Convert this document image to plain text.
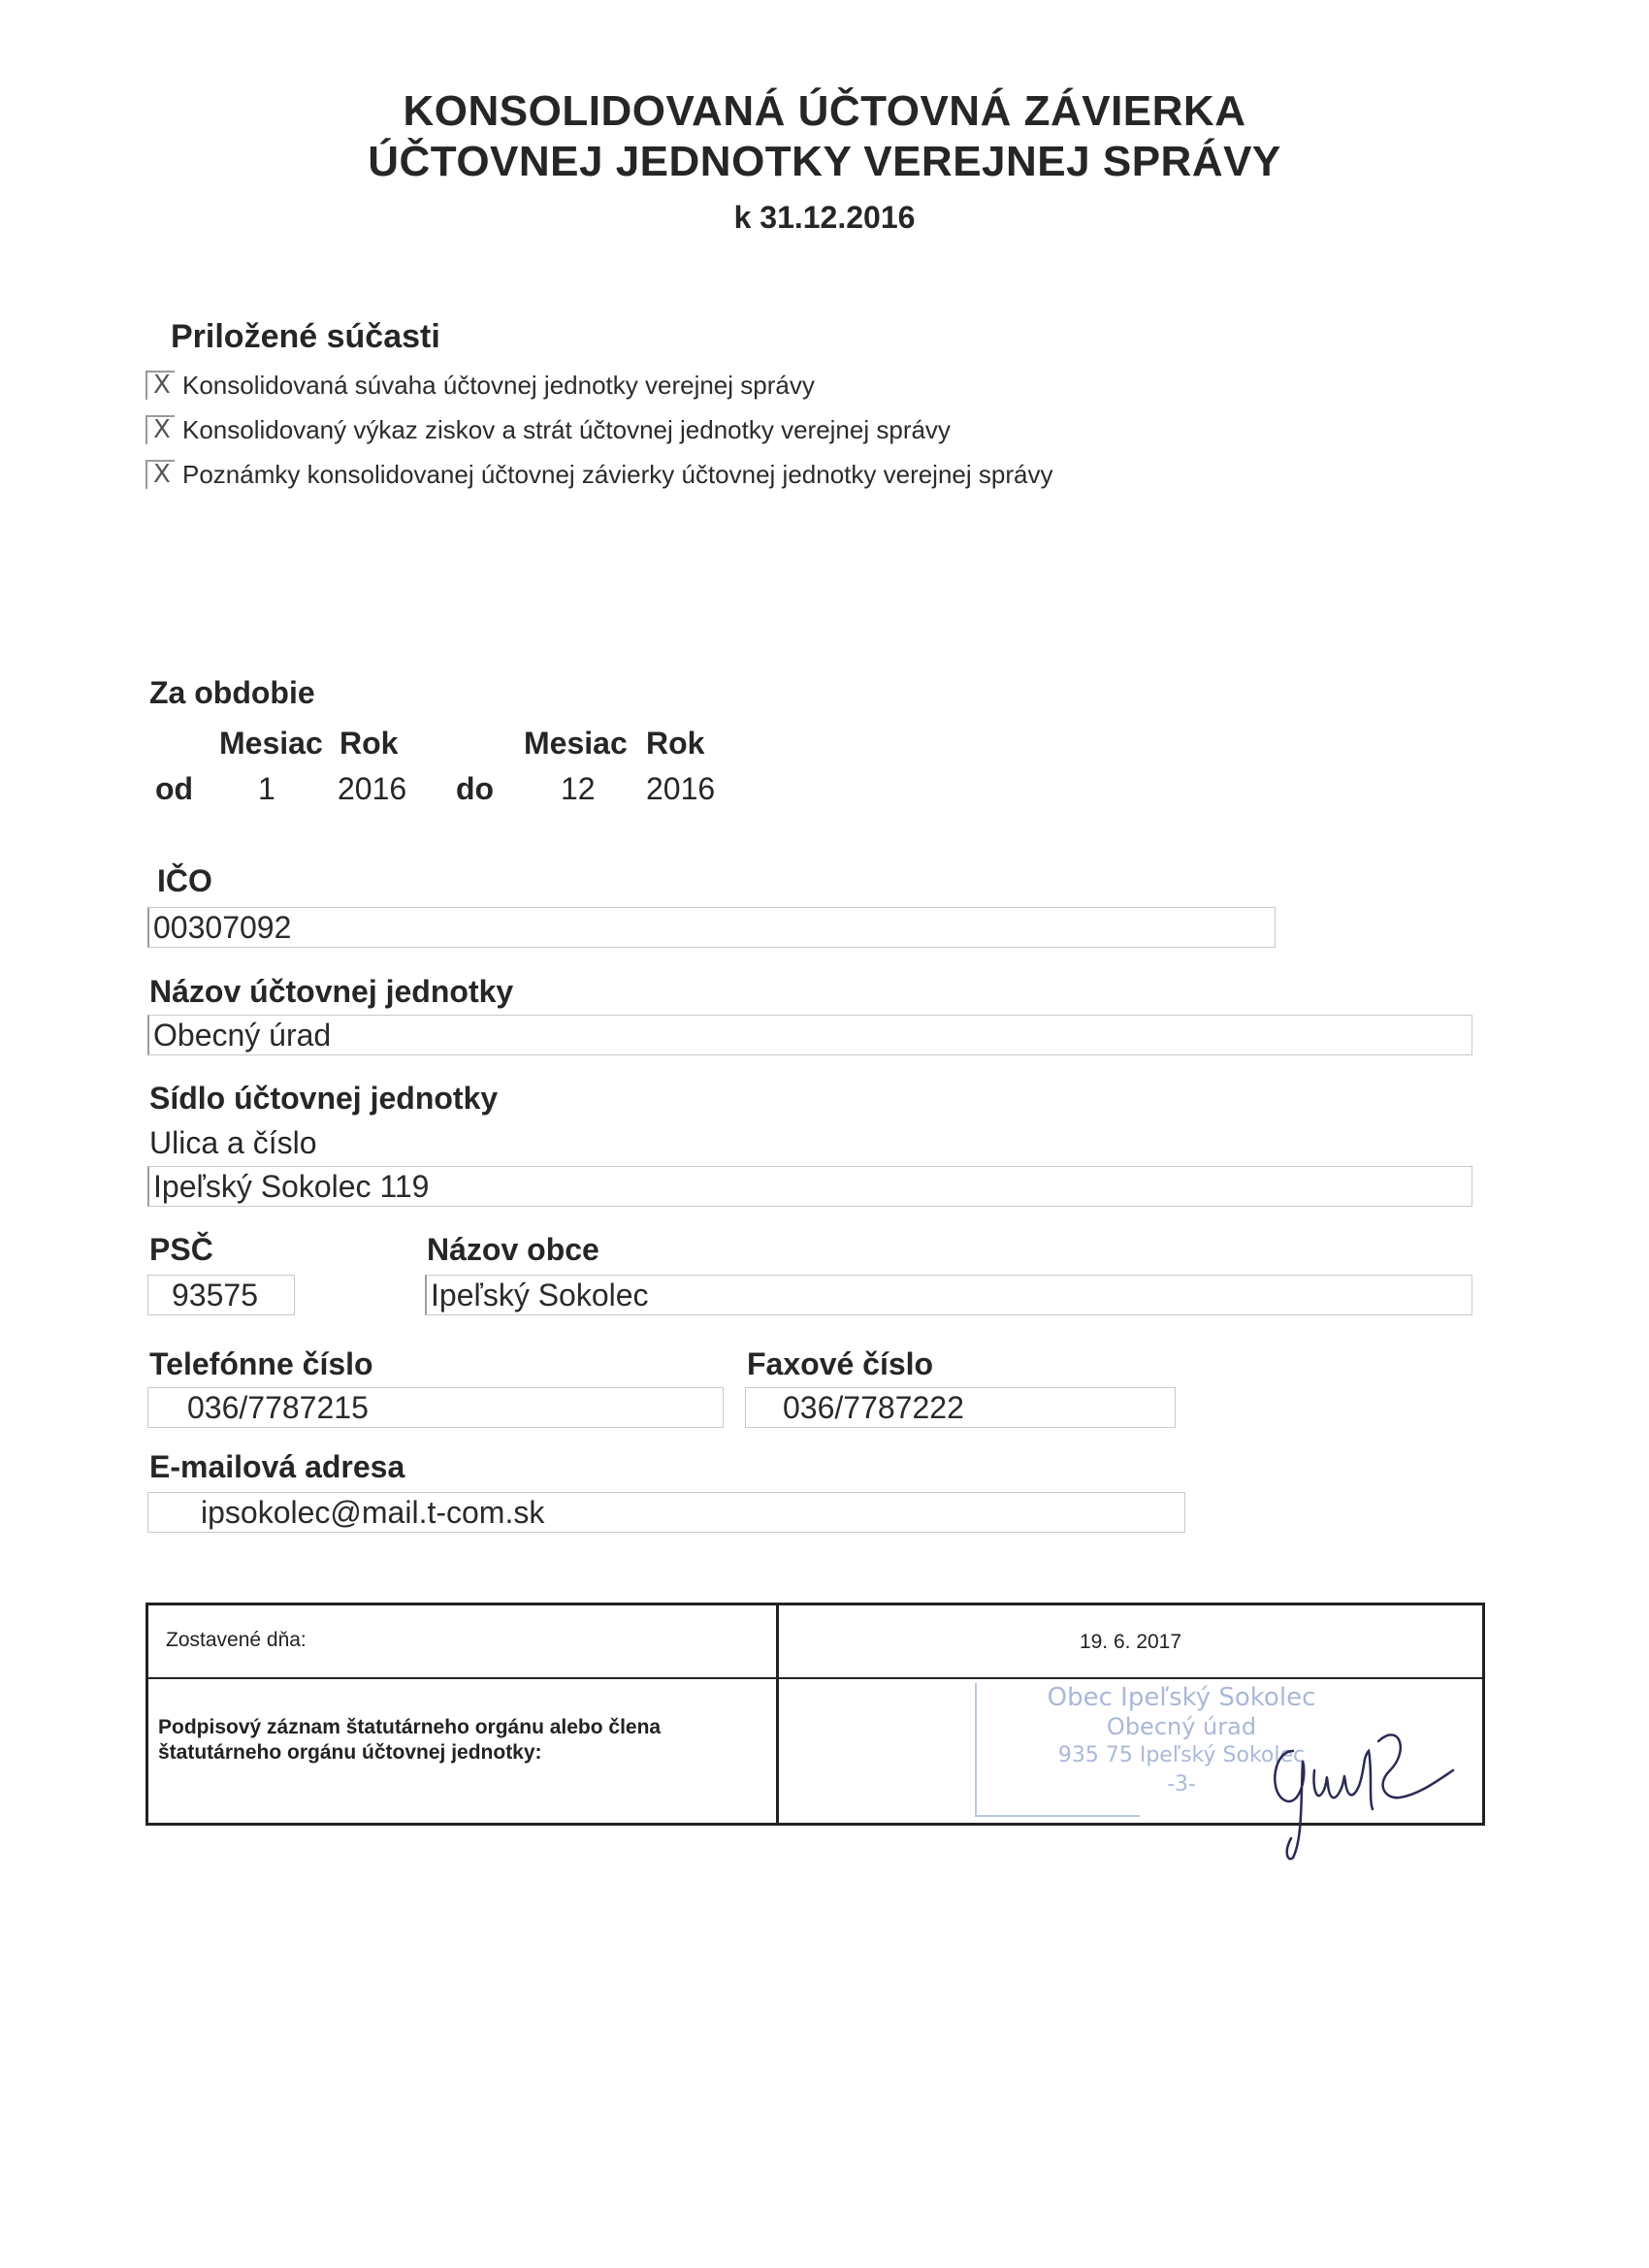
KONSOLIDOVANÁ ÚČTOVNÁ ZÁVIERKA
ÚČTOVNEJ JEDNOTKY VEREJNEJ SPRÁVY
k 31.12.2016
Priložené súčasti
X Konsolidovaná súvaha účtovnej jednotky verejnej správy
X Konsolidovaný výkaz ziskov a strát účtovnej jednotky verejnej správy
X Poznámky konsolidovanej účtovnej závierky účtovnej jednotky verejnej správy
Za obdobie
Mesiac Rok	Mesiac Rok
od 1 2016 do 12 2016
IČO
00307092
Názov účtovnej jednotky
Obecný úrad
Sídlo účtovnej jednotky
Ulica a číslo
Ipeľský Sokolec 119
PSČ	Názov obce
93575	Ipeľský Sokolec
Telefónne číslo	Faxové číslo
036/7787215	036/7787222
E-mailová adresa
ipsokolec@mail.t-com.sk
Zostavené dňa:	19. 6. 2017
Podpisový záznam štatutárneho orgánu alebo člena
štatutárneho orgánu účtovnej jednotky:
Obec Ipeľský Sokolec
Obecný úrad
935 75 Ipeľský Sokolec
-3-
